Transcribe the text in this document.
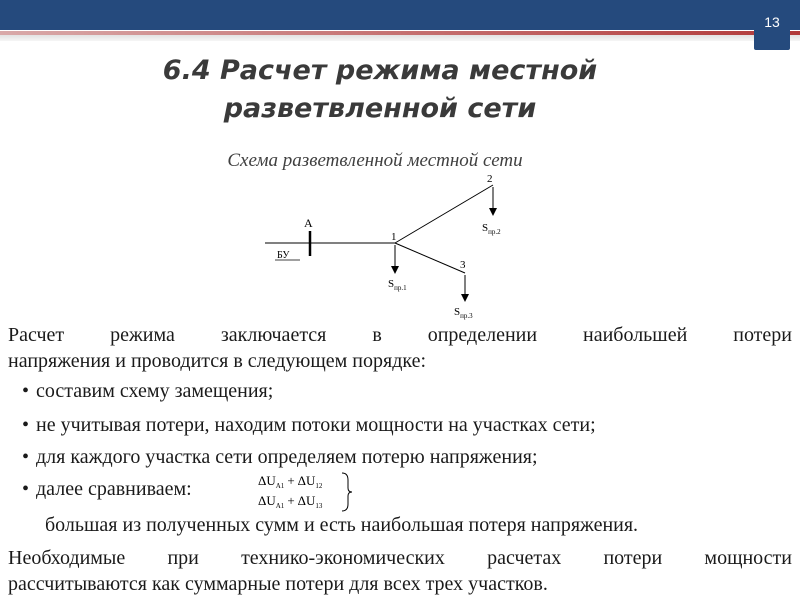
13
6.4 Расчет режима местной
разветвленной сети
Схема разветвленной местной сети
A
БУ
1
2
3
$S_{пр.1}$
$S_{пр.2}$
$S_{пр.3}$
Расчет режима заключается в определении наибольшей потери
напряжения и проводится в следующем порядке:
• составим схему замещения;
• не учитывая потери, находим потоки мощности на участках сети;
• для каждого участка сети определяем потерю напряжения;
• далее сравниваем:	$\Delta U_{А1} + \Delta U_{12}$
$\Delta U_{А1} + \Delta U_{13}$
большая из полученных сумм и есть наибольшая потеря напряжения.
Необходимые при технико-экономических расчетах потери мощности
рассчитываются как суммарные потери для всех трех участков.
